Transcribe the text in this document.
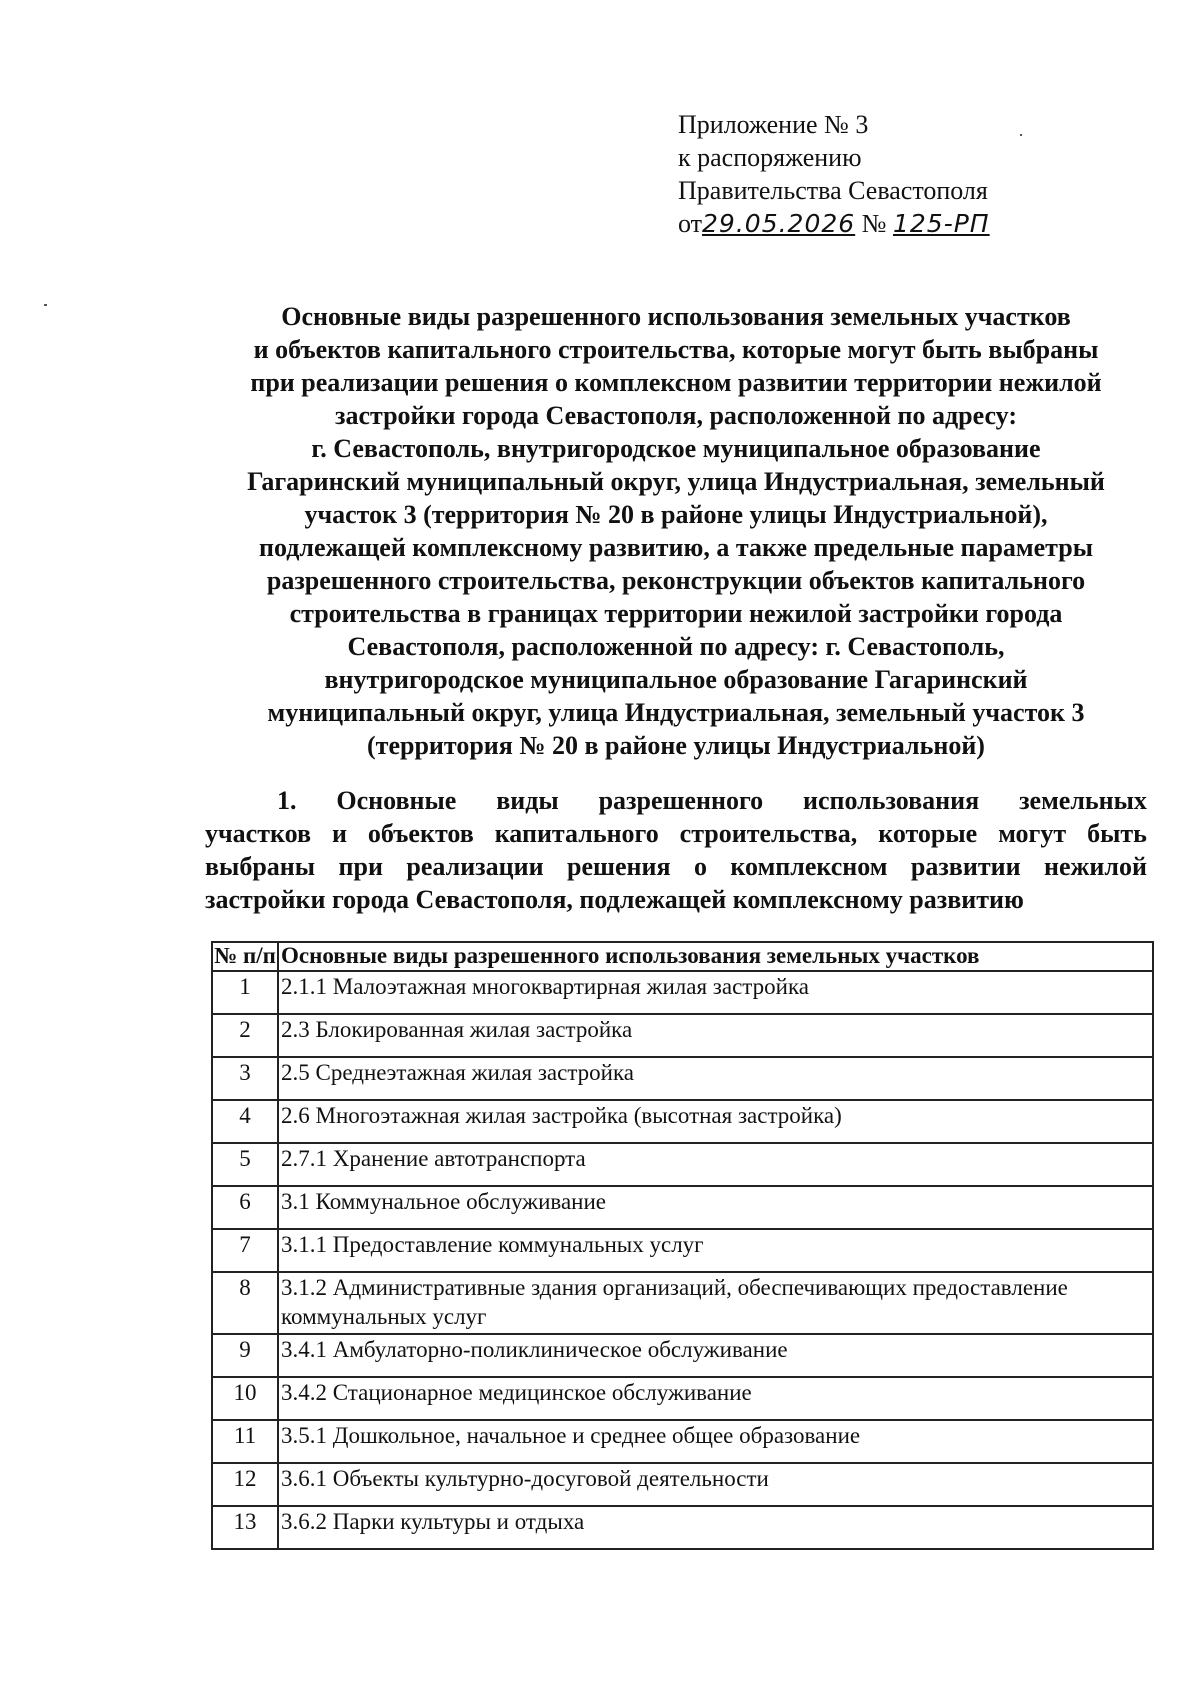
Приложение № 3
к распоряжению
Правительства Севастополя
от29.05.2026 № 125-РП
Основные виды разрешенного использования земельных участков
и объектов капитального строительства, которые могут быть выбраны
при реализации решения о комплексном развитии территории нежилой
застройки города Севастополя, расположенной по адресу:
г. Севастополь, внутригородское муниципальное образование
Гагаринский муниципальный округ, улица Индустриальная, земельный
участок 3 (территория № 20 в районе улицы Индустриальной),
подлежащей комплексному развитию, а также предельные параметры
разрешенного строительства, реконструкции объектов капитального
строительства в границах территории нежилой застройки города
Севастополя, расположенной по адресу: г. Севастополь,
внутригородское муниципальное образование Гагаринский
муниципальный округ, улица Индустриальная, земельный участок 3
(территория № 20 в районе улицы Индустриальной)
1. Основные виды разрешенного использования земельных
участков и объектов капитального строительства, которые могут быть
выбраны при реализации решения о комплексном развитии нежилой
застройки города Севастополя, подлежащей комплексному развитию
№ п/п	Основные виды разрешенного использования земельных участков
1	2.1.1 Малоэтажная многоквартирная жилая застройка
2	2.3 Блокированная жилая застройка
3	2.5 Среднеэтажная жилая застройка
4	2.6 Многоэтажная жилая застройка (высотная застройка)
5	2.7.1 Хранение автотранспорта
6	3.1 Коммунальное обслуживание
7	3.1.1 Предоставление коммунальных услуг
8	3.1.2 Административные здания организаций, обеспечивающих предоставление коммунальных услуг
9	3.4.1 Амбулаторно-поликлиническое обслуживание
10	3.4.2 Стационарное медицинское обслуживание
11	3.5.1 Дошкольное, начальное и среднее общее образование
12	3.6.1 Объекты культурно-досуговой деятельности
13	3.6.2 Парки культуры и отдыха
